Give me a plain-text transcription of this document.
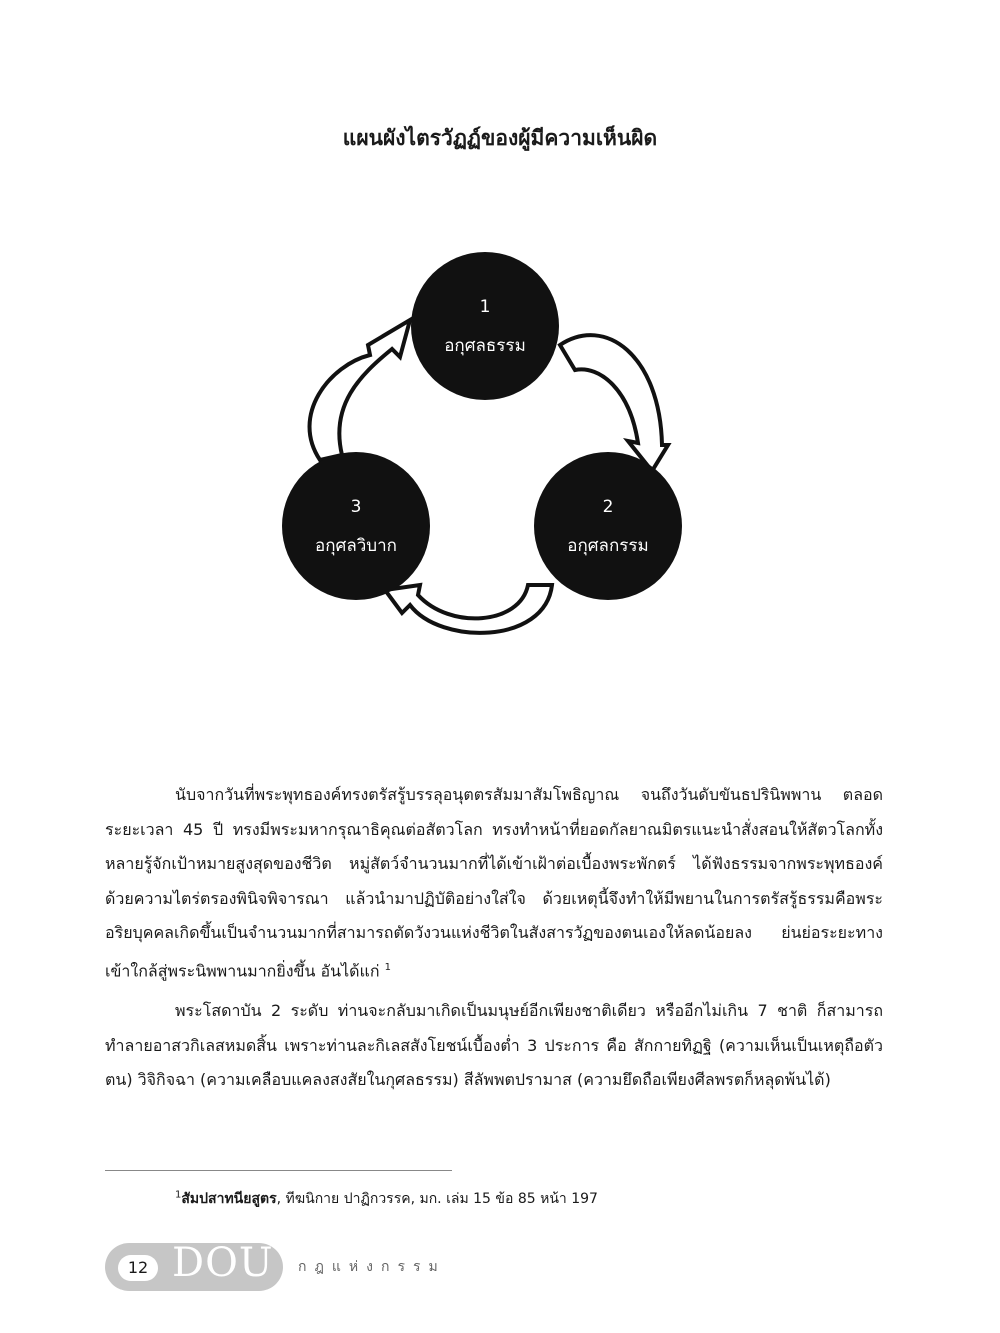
แผนผังไตรวัฏฏ์ของผู้มีความเห็นผิด
1
อกุศลธรรม
2
อกุศลกรรม
3
อกุศลวิบาก

นับจากวันที่พระพุทธองค์ทรงตรัสรู้บรรลุอนุตตรสัมมาสัมโพธิญาณ จนถึงวันดับขันธปรินิพพาน ตลอดระยะเวลา 45 ปี ทรงมีพระมหากรุณาธิคุณต่อสัตวโลก ทรงทำหน้าที่ยอดกัลยาณมิตรแนะนำสั่งสอนให้สัตวโลกทั้งหลายรู้จักเป้าหมายสูงสุดของชีวิต หมู่สัตว์จำนวนมากที่ได้เข้าเฝ้าต่อเบื้องพระพักตร์ ได้ฟังธรรมจากพระพุทธองค์ด้วยความไตร่ตรองพินิจพิจารณา แล้วนำมาปฏิบัติอย่างใส่ใจ ด้วยเหตุนี้จึงทำให้มีพยานในการตรัสรู้ธรรมคือพระอริยบุคคลเกิดขึ้นเป็นจำนวนมากที่สามารถตัดวังวนแห่งชีวิตในสังสารวัฏของตนเองให้ลดน้อยลง ย่นย่อระยะทางเข้าใกล้สู่พระนิพพานมากยิ่งขึ้น อันได้แก่ $^1$

พระโสดาบัน 2 ระดับ ท่านจะกลับมาเกิดเป็นมนุษย์อีกเพียงชาติเดียว หรืออีกไม่เกิน 7 ชาติ ก็สามารถทำลายอาสวกิเลสหมดสิ้น เพราะท่านละกิเลสสังโยชน์เบื้องต่ำ 3 ประการ คือ สักกายทิฏฐิ (ความเห็นเป็นเหตุถือตัวตน) วิจิกิจฉา (ความเคลือบแคลงสงสัยในกุศลธรรม) สีลัพพตปรามาส (ความยึดถือเพียงศีลพรตก็หลุดพ้นได้)

$^1$สัมปสาทนียสูตร, ทีฆนิกาย ปาฏิกวรรค, มก. เล่ม 15 ข้อ 85 หน้า 197
12 DOU กฎแห่งกรรม
